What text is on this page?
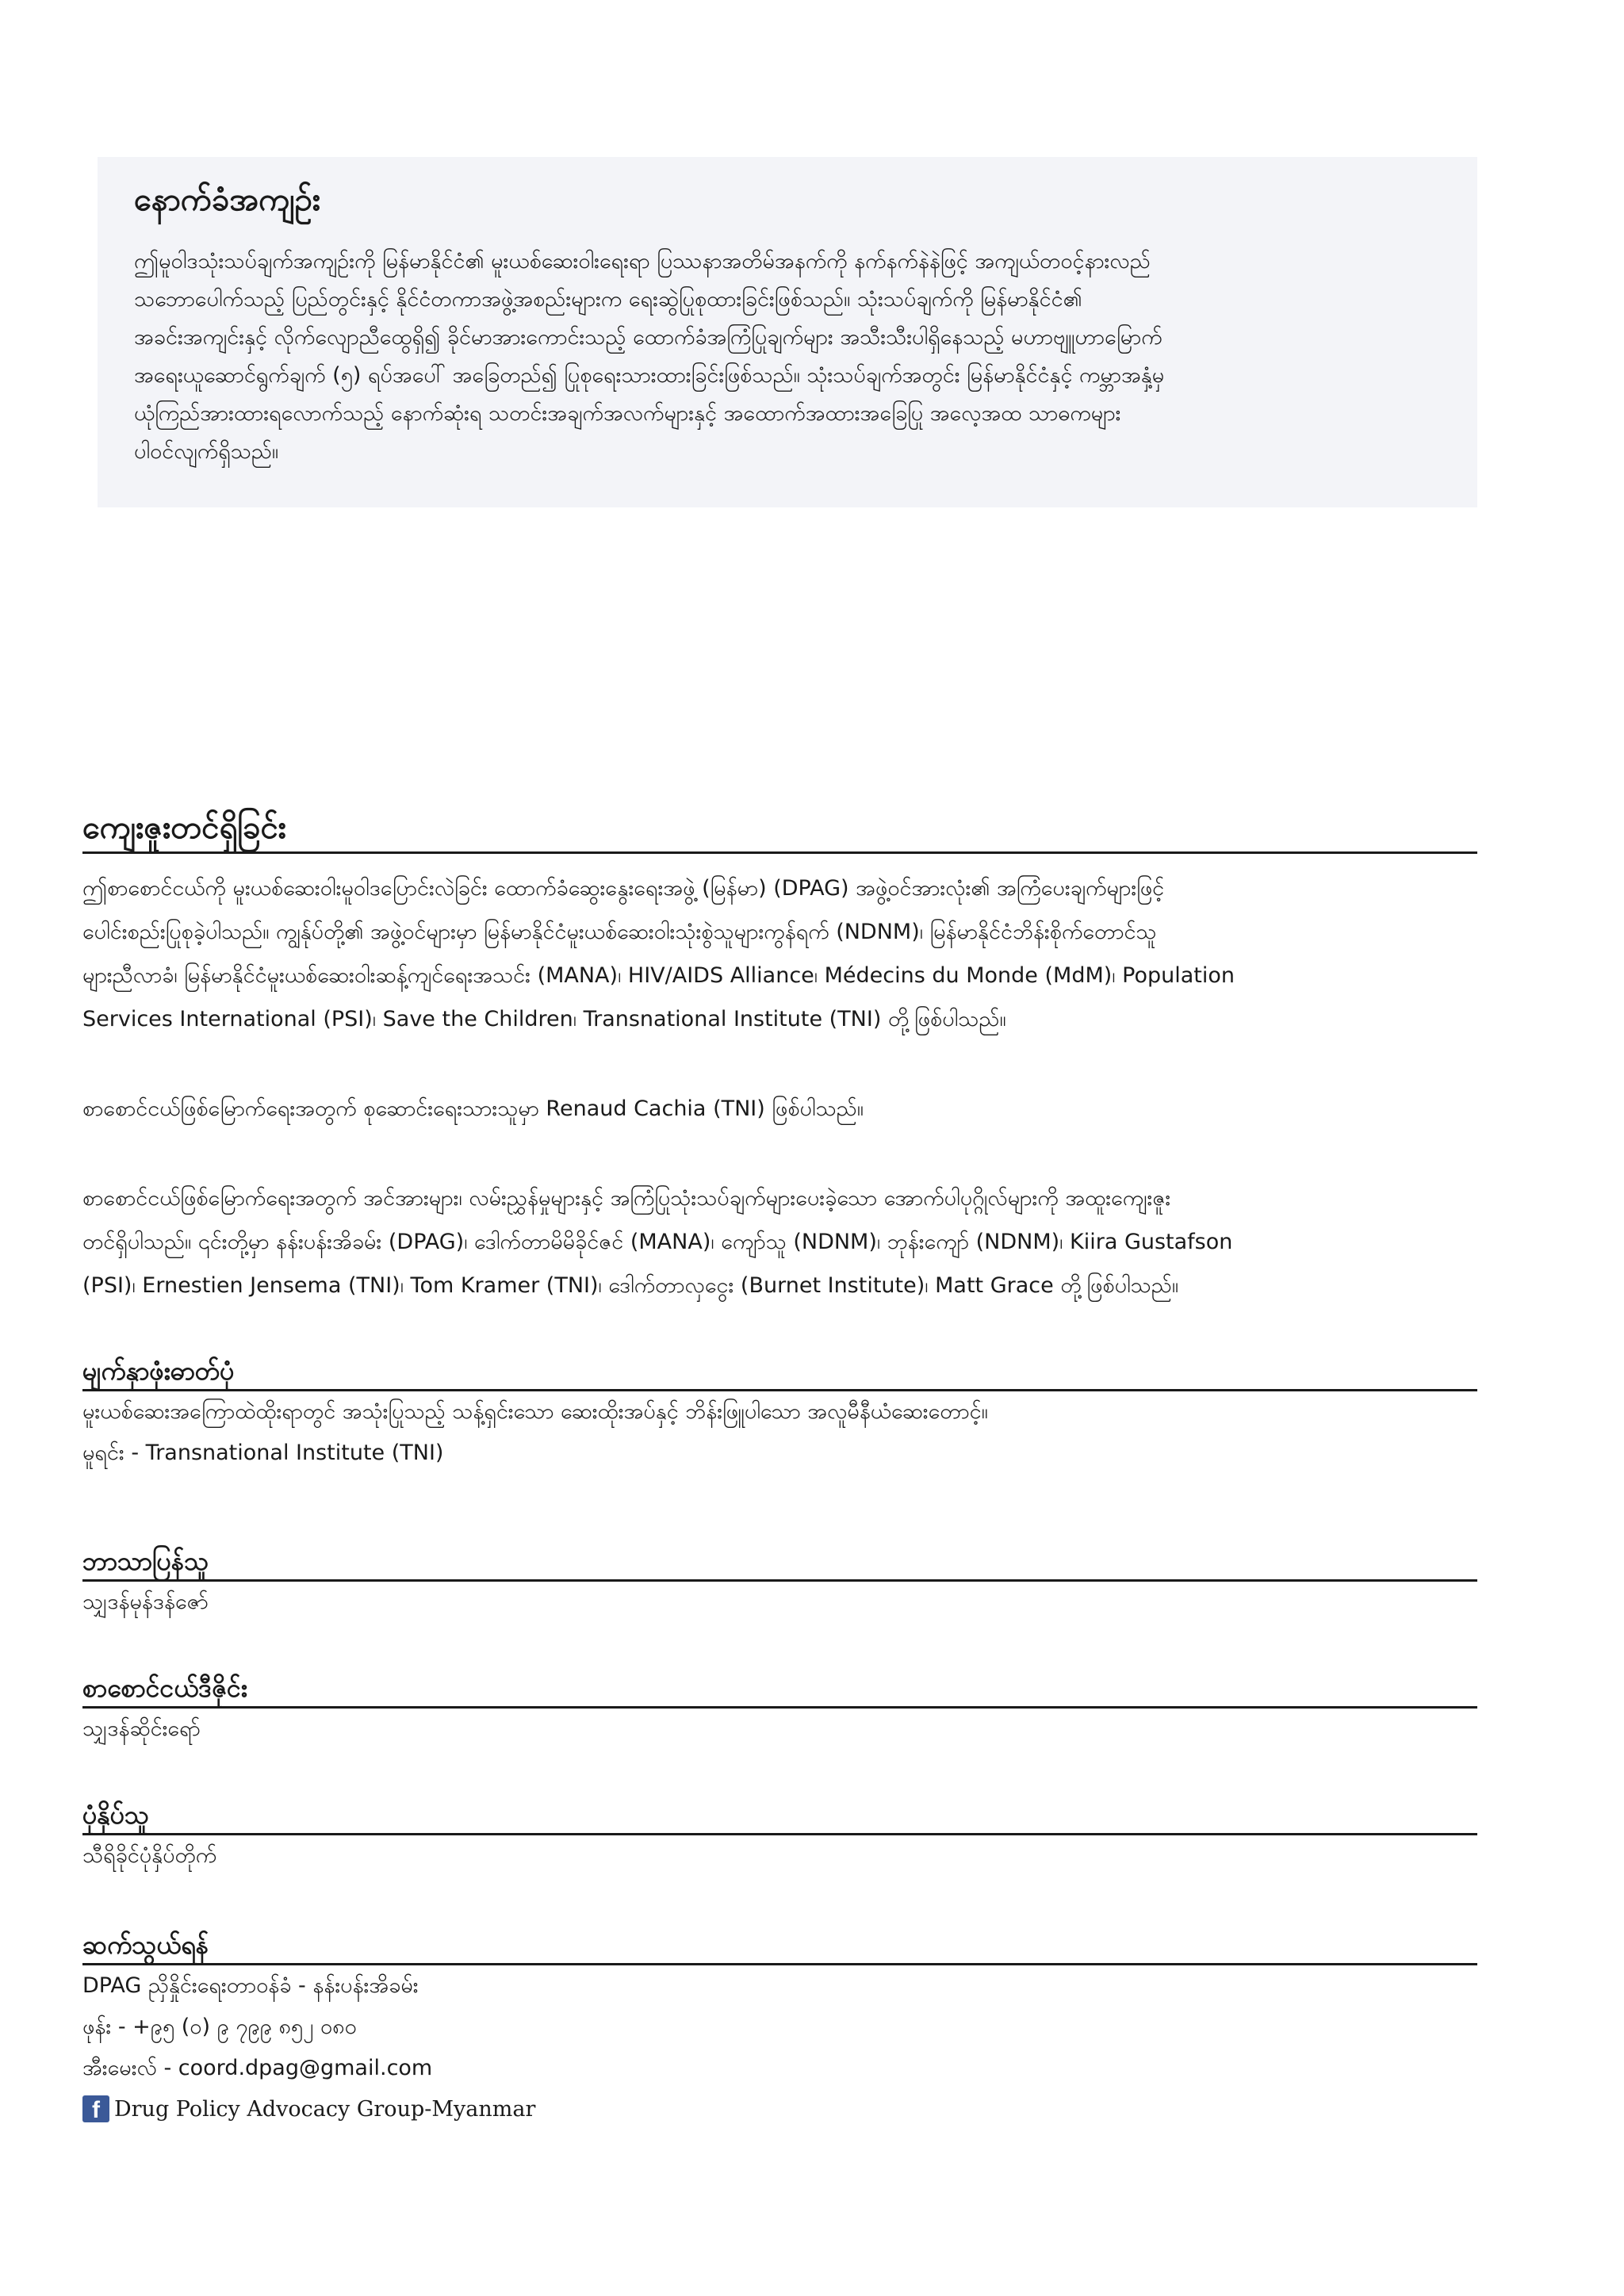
နောက်ခံအကျဉ်း
ဤမူဝါဒသုံးသပ်ချက်အကျဉ်းကို မြန်မာနိုင်ငံ၏ မူးယစ်ဆေးဝါးရေးရာ ပြဿနာအတိမ်အနက်ကို နက်နက်နဲနဲဖြင့် အကျယ်တဝင့်နားလည်
သဘောပေါက်သည့် ပြည်တွင်းနှင့် နိုင်ငံတကာအဖွဲ့အစည်းများက ရေးဆွဲပြုစုထားခြင်းဖြစ်သည်။ သုံးသပ်ချက်ကို မြန်မာနိုင်ငံ၏
အခင်းအကျင်းနှင့် လိုက်လျောညီထွေရှိ၍ ခိုင်မာအားကောင်းသည့် ထောက်ခံအကြံပြုချက်များ အသီးသီးပါရှိနေသည့် မဟာဗျူဟာမြောက်
အရေးယူဆောင်ရွက်ချက် (၅) ရပ်အပေါ် အခြေတည်၍ ပြုစုရေးသားထားခြင်းဖြစ်သည်။ သုံးသပ်ချက်အတွင်း မြန်မာနိုင်ငံနှင့် ကမ္ဘာအနှံ့မှ
ယုံကြည်အားထားရလောက်သည့် နောက်ဆုံးရ သတင်းအချက်အလက်များနှင့် အထောက်အထားအခြေပြု အလေ့အထ သာဓကများ
ပါဝင်လျက်ရှိသည်။
ကျေးဇူးတင်ရှိခြင်း
ဤစာစောင်ငယ်ကို မူးယစ်ဆေးဝါးမူဝါဒပြောင်းလဲခြင်း ထောက်ခံဆွေးနွေးရေးအဖွဲ့ (မြန်မာ) (DPAG) အဖွဲ့ဝင်အားလုံး၏ အကြံပေးချက်များဖြင့်
ပေါင်းစည်းပြုစုခဲ့ပါသည်။ ကျွန်ုပ်တို့၏ အဖွဲ့ဝင်များမှာ မြန်မာနိုင်ငံမူးယစ်ဆေးဝါးသုံးစွဲသူများကွန်ရက် (NDNM)၊ မြန်မာနိုင်ငံဘိန်းစိုက်တောင်သူ
များညီလာခံ၊ မြန်မာနိုင်ငံမူးယစ်ဆေးဝါးဆန့်ကျင်ရေးအသင်း (MANA)၊ HIV/AIDS Alliance၊ Médecins du Monde (MdM)၊ Population
Services International (PSI)၊ Save the Children၊ Transnational Institute (TNI) တို့ဖြစ်ပါသည်။
စာစောင်ငယ်ဖြစ်မြောက်ရေးအတွက် စုဆောင်းရေးသားသူမှာ Renaud Cachia (TNI) ဖြစ်ပါသည်။
စာစောင်ငယ်ဖြစ်မြောက်ရေးအတွက် အင်အားများ၊ လမ်းညွှန်မှုများနှင့် အကြံပြုသုံးသပ်ချက်များပေးခဲ့သော အောက်ပါပုဂ္ဂိုလ်များကို အထူးကျေးဇူး
တင်ရှိပါသည်။ ၎င်းတို့မှာ နန်းပန်းအိခမ်း (DPAG)၊ ဒေါက်တာမိမိခိုင်ဇင် (MANA)၊ ကျော်သူ (NDNM)၊ ဘုန်းကျော် (NDNM)၊ Kiira Gustafson
(PSI)၊ Ernestien Jensema (TNI)၊ Tom Kramer (TNI)၊ ဒေါက်တာလှငွေး (Burnet Institute)၊ Matt Grace တို့ဖြစ်ပါသည်။
မျက်နှာဖုံးဓာတ်ပုံ
မူးယစ်ဆေးအကြောထဲထိုးရာတွင် အသုံးပြုသည့် သန့်ရှင်းသော ဆေးထိုးအပ်နှင့် ဘိန်းဖြူပါသော အလူမီနီယံဆေးတောင့်။
မူရင်း - Transnational Institute (TNI)
ဘာသာပြန်သူ
သျှဒန်မုန်ဒန်ဇော်
စာစောင်ငယ်ဒီဇိုင်း
သျှဒန်ဆိုင်းရော်
ပုံနှိပ်သူ
သီရိခိုင်ပုံနှိပ်တိုက်
ဆက်သွယ်ရန်
DPAG ညှိနှိုင်းရေးတာဝန်ခံ - နန်းပန်းအိခမ်း
ဖုန်း - +၉၅ (၀) ၉ ၇၉၉ ၈၅၂ ၀၈၀
အီးမေးလ် - coord.dpag@gmail.com
f Drug Policy Advocacy Group-Myanmar
